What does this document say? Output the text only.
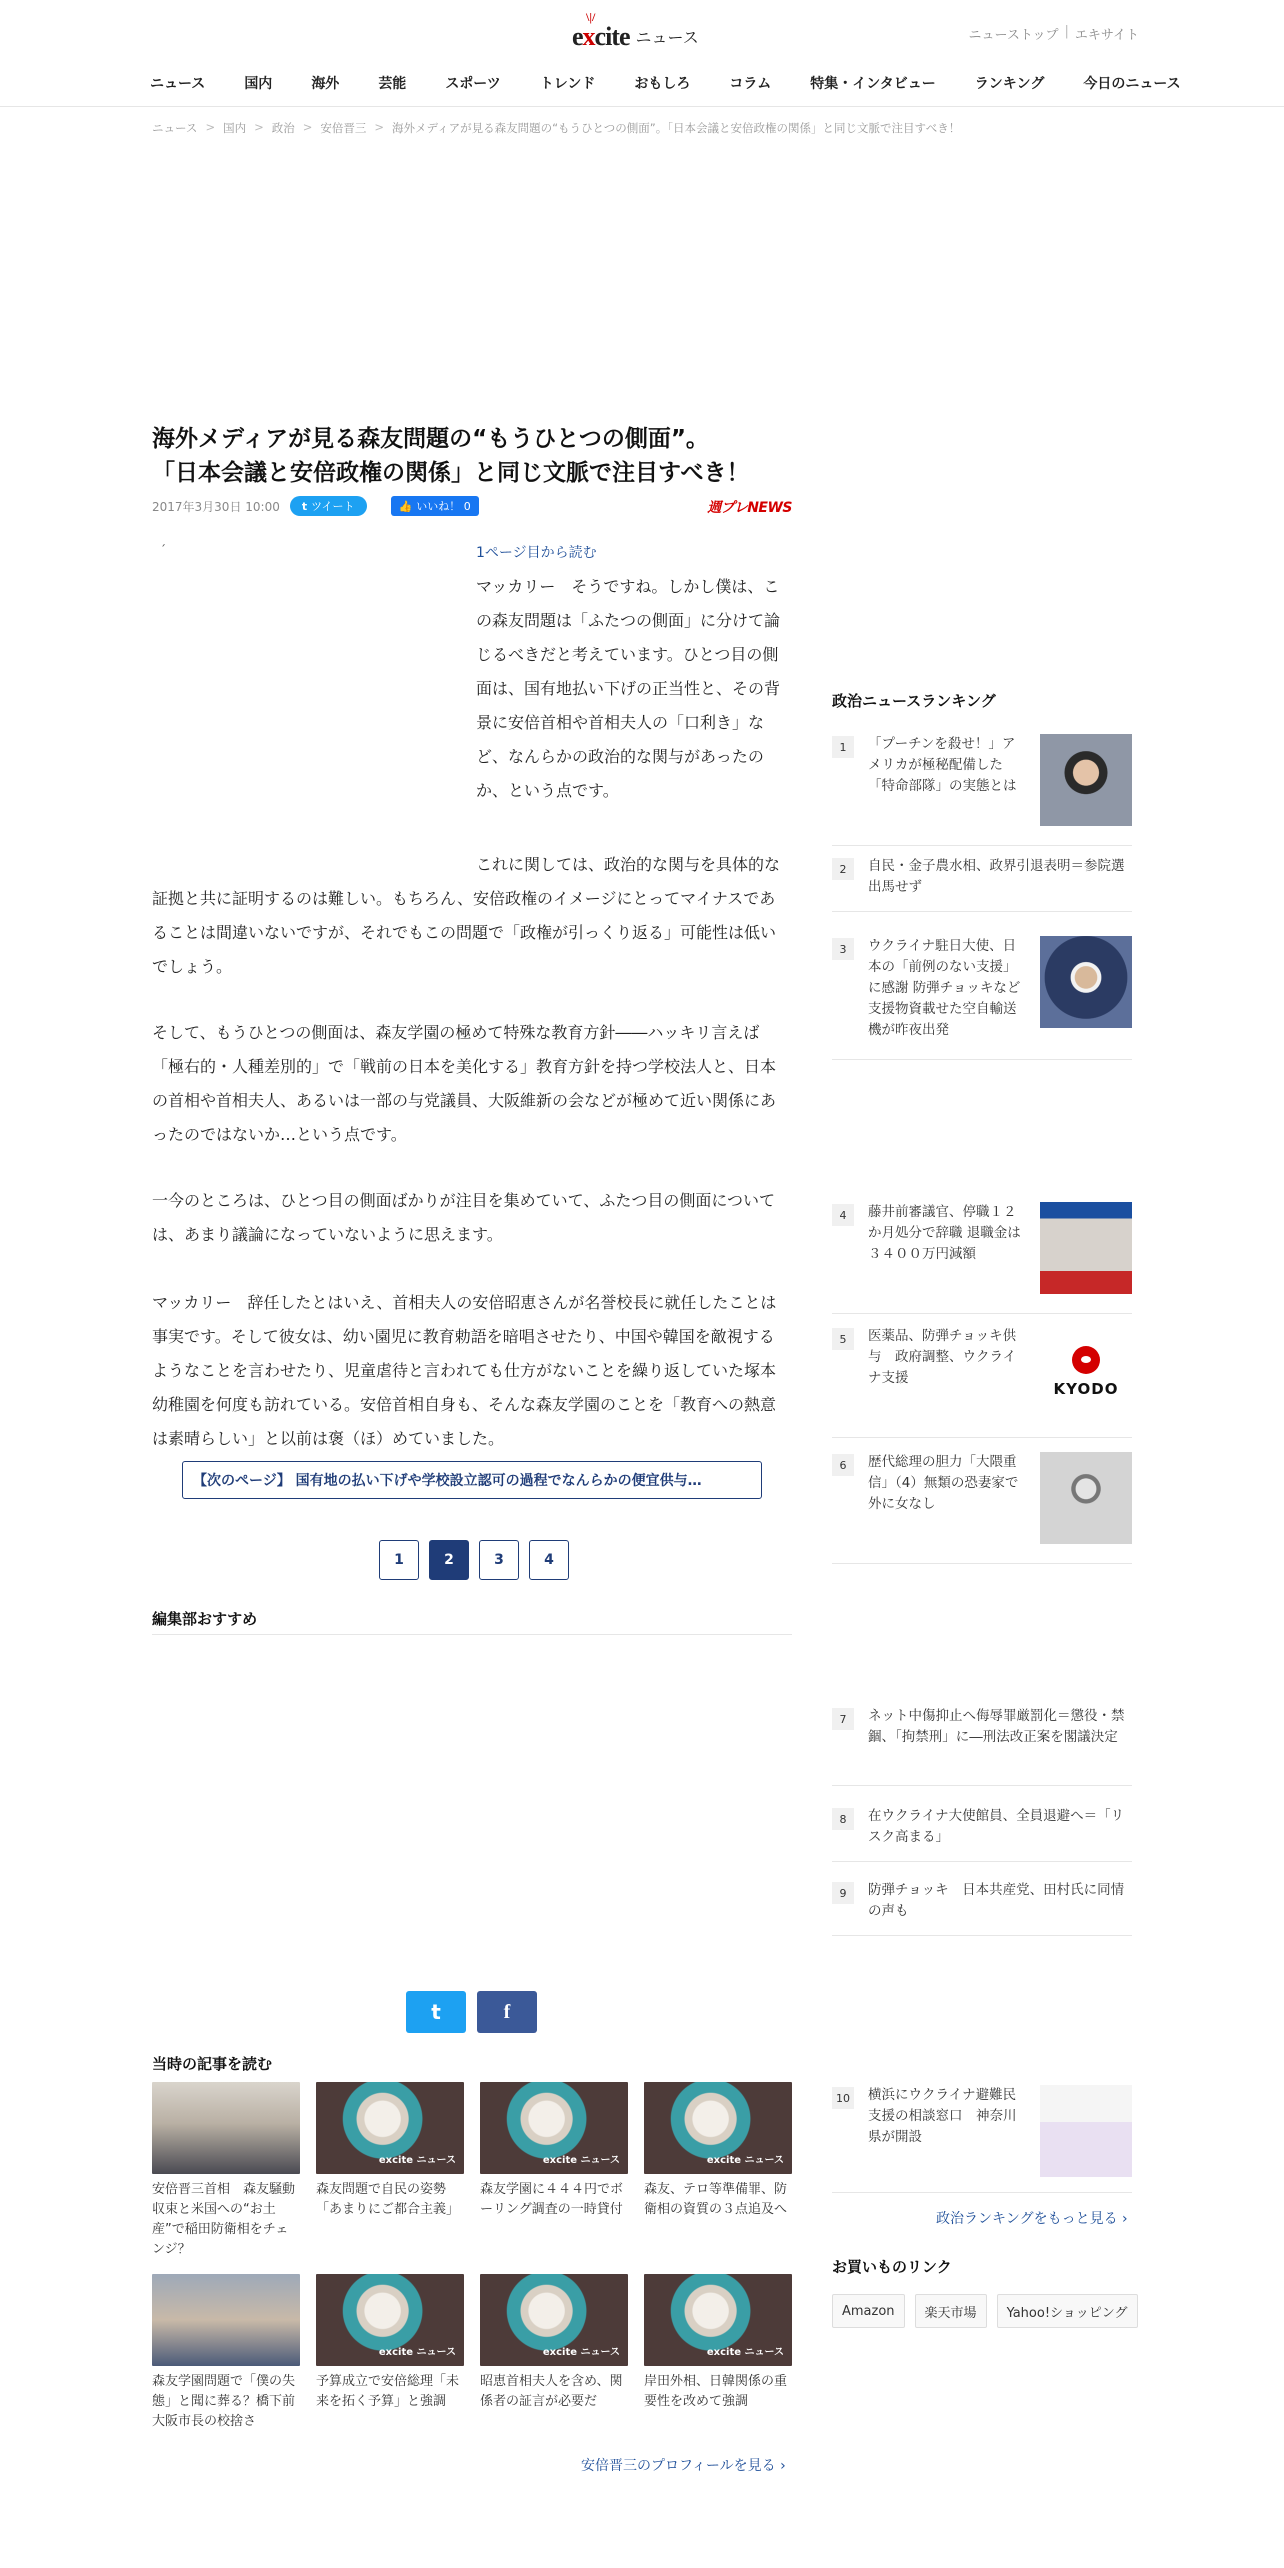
\|/
excite ニュース	ニューストップ | エキサイト
ニュース	国内	海外	芸能	スポーツ	トレンド	おもしろ	コラム	特集・インタビュー	ランキング	今日のニュース
ニュース > 国内 > 政治 > 安倍晋三 > 海外メディアが見る森友問題の“もうひとつの側面”。「日本会議と安倍政権の関係」と同じ文脈で注目すべき！
海外メディアが見る森友問題の“もうひとつの側面”。
「日本会議と安倍政権の関係」と同じ文脈で注目すべき！
2017年3月30日 10:00 t ツイート	👍 いいね！ 0	週プレNEWS
´	1ページ目から読む

マッカリー　そうですね。しかし僕は、この森友問題は「ふたつの側面」に分けて論じるべきだと考えています。ひとつ目の側面は、国有地払い下げの正当性と、その背景に安倍首相や首相夫人の「口利き」など、なんらかの政治的な関与があったのか、という点です。

これに関しては、政治的な関与を具体的な証拠と共に証明するのは難しい。もちろん、安倍政権のイメージにとってマイナスであることは間違いないですが、それでもこの問題で「政権が引っくり返る」可能性は低いでしょう。

そして、もうひとつの側面は、森友学園の極めて特殊な教育方針――ハッキリ言えば「極右的・人種差別的」で「戦前の日本を美化する」教育方針を持つ学校法人と、日本の首相や首相夫人、あるいは一部の与党議員、大阪維新の会などが極めて近い関係にあったのではないか…という点です。

一今のところは、ひとつ目の側面ばかりが注目を集めていて、ふたつ目の側面については、あまり議論になっていないように思えます。

マッカリー　辞任したとはいえ、首相夫人の安倍昭恵さんが名誉校長に就任したことは事実です。そして彼女は、幼い園児に教育勅語を暗唱させたり、中国や韓国を敵視するようなことを言わせたり、児童虐待と言われても仕方がないことを繰り返していた塚本幼稚園を何度も訪れている。安倍首相自身も、そんな森友学園のことを「教育への熱意は素晴らしい」と以前は褒（ほ）めていました。

【次のページ】 国有地の払い下げや学校設立認可の過程でなんらかの便宜供与…
1	2	3	4
編集部おすすめ
t	f
当時の記事を読む
安倍晋三首相　森友騒動収束と米国への“お土産”で稲田防衛相をチェンジ？
excite ニュース
森友問題で自民の姿勢「あまりにご都合主義」
excite ニュース
森友学園に４４４円でボーリング調査の一時貸付
excite ニュース
森友、テロ等準備罪、防衛相の資質の３点追及へ
森友学園問題で「僕の失態」と聞に葬る？橋下前大阪市長の校捨さ
excite ニュース
予算成立で安倍総理「未来を拓く予算」と強調
excite ニュース
昭恵首相夫人を含め、関係者の証言が必要だ
excite ニュース
岸田外相、日韓関係の重要性を改めて強調
安倍晋三のプロフィールを見る ›
政治ニュースランキング
1	「プーチンを殺せ！」アメリカが極秘配備した「特命部隊」の実態とは
2	自民・金子農水相、政界引退表明＝参院選出馬せず
3	ウクライナ駐日大使、日本の「前例のない支援」に感謝 防弾チョッキなど支援物資載せた空自輸送機が昨夜出発
4	藤井前審議官、停職１２か月処分で辞職 退職金は３４００万円減額
5	医薬品、防弾チョッキ供与　政府調整、ウクライナ支援
KYODO
6	歴代総理の胆力「大隈重信」（4）無類の恐妻家で外に女なし
7	ネット中傷抑止へ侮辱罪厳罰化＝懲役・禁錮、「拘禁刑」に―刑法改正案を閣議決定
8	在ウクライナ大使館員、全員退避へ＝「リスク高まる」
9	防弾チョッキ　日本共産党、田村氏に同情の声も
10 横浜にウクライナ避難民支援の相談窓口　神奈川県が開設
政治ランキングをもっと見る ›
お買いものリンク
Amazon	楽天市場	Yahoo!ショッピング
